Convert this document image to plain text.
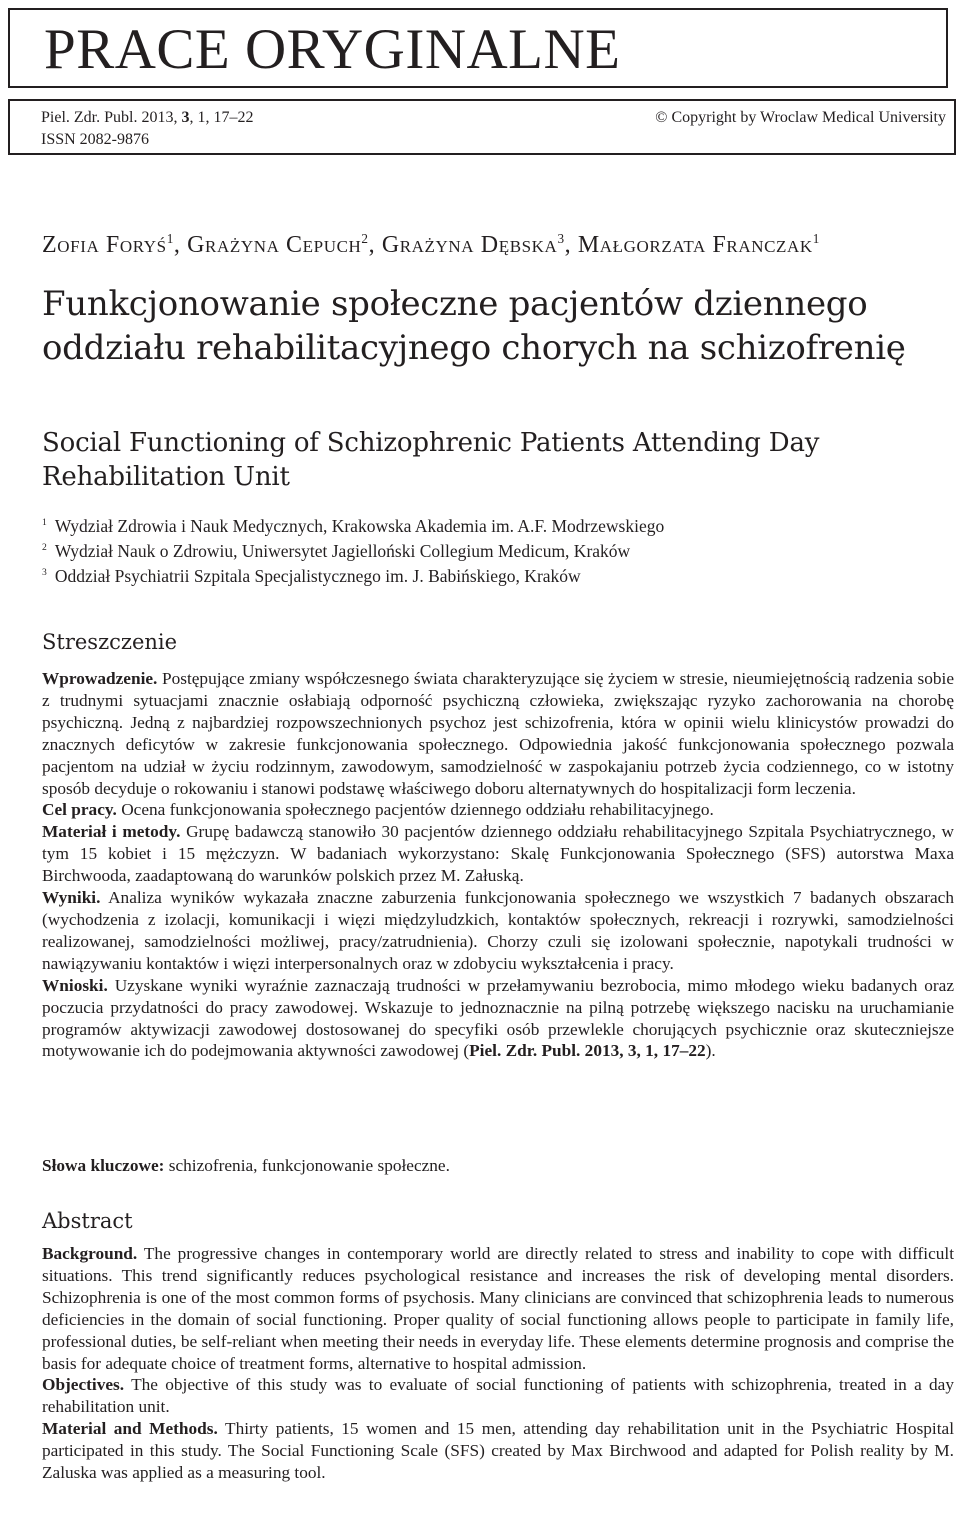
PRACE ORYGINALNE
Piel. Zdr. Publ. 2013, 3, 1, 17–22
ISSN 2082-9876
© Copyright by Wroclaw Medical University
Zofia Foryś$^1$, Grażyna Cepuch$^2$, Grażyna Dębska$^3$, Małgorzata Franczak$^1$
Funkcjonowanie społeczne pacjentów dziennego oddziału rehabilitacyjnego chorych na schizofrenię
Social Functioning of Schizophrenic Patients Attending Day Rehabilitation Unit
$^1$ Wydział Zdrowia i Nauk Medycznych, Krakowska Akademia im. A.F. Modrzewskiego
$^2$ Wydział Nauk o Zdrowiu, Uniwersytet Jagielloński Collegium Medicum, Kraków
$^3$ Oddział Psychiatrii Szpitala Specjalistycznego im. J. Babińskiego, Kraków
Streszczenie

Wprowadzenie. Postępujące zmiany współczesnego świata charakteryzujące się życiem w stresie, nieumiejętnością radzenia sobie z trudnymi sytuacjami znacznie osłabiają odporność psychiczną człowieka, zwiększając ryzyko zachorowania na chorobę psychiczną. Jedną z najbardziej rozpowszechnionych psychoz jest schizofrenia, która w opinii wielu klinicystów prowadzi do znacznych deficytów w zakresie funkcjonowania społecznego. Odpowiednia jakość funkcjonowania społecznego pozwala pacjentom na udział w życiu rodzinnym, zawodowym, samodzielność w zaspokajaniu potrzeb życia codziennego, co w istotny sposób decyduje o rokowaniu i stanowi podstawę właściwego doboru alternatywnych do hospitalizacji form leczenia.

Cel pracy. Ocena funkcjonowania społecznego pacjentów dziennego oddziału rehabilitacyjnego.

Materiał i metody. Grupę badawczą stanowiło 30 pacjentów dziennego oddziału rehabilitacyjnego Szpitala Psychiatrycznego, w tym 15 kobiet i 15 mężczyzn. W badaniach wykorzystano: Skalę Funkcjonowania Społecznego (SFS) autorstwa Maxa Birchwooda, zaadaptowaną do warunków polskich przez M. Załuską.

Wyniki. Analiza wyników wykazała znaczne zaburzenia funkcjonowania społecznego we wszystkich 7 badanych obszarach (wychodzenia z izolacji, komunikacji i więzi międzyludzkich, kontaktów społecznych, rekreacji i rozrywki, samodzielności realizowanej, samodzielności możliwej, pracy/zatrudnienia). Chorzy czuli się izolowani społecznie, napotykali trudności w nawiązywaniu kontaktów i więzi interpersonalnych oraz w zdobyciu wykształcenia i pracy.

Wnioski. Uzyskane wyniki wyraźnie zaznaczają trudności w przełamywaniu bezrobocia, mimo młodego wieku badanych oraz poczucia przydatności do pracy zawodowej. Wskazuje to jednoznacznie na pilną potrzebę większego nacisku na uruchamianie programów aktywizacji zawodowej dostosowanej do specyfiki osób przewlekle chorujących psychicznie oraz skuteczniejsze motywowanie ich do podejmowania aktywności zawodowej (Piel. Zdr. Publ. 2013, 3, 1, 17–22).

Słowa kluczowe: schizofrenia, funkcjonowanie społeczne.
Abstract

Background. The progressive changes in contemporary world are directly related to stress and inability to cope with difficult situations. This trend significantly reduces psychological resistance and increases the risk of developing mental disorders. Schizophrenia is one of the most common forms of psychosis. Many clinicians are convinced that schizophrenia leads to numerous deficiencies in the domain of social functioning. Proper quality of social functioning allows people to participate in family life, professional duties, be self-reliant when meeting their needs in everyday life. These elements determine prognosis and comprise the basis for adequate choice of treatment forms, alternative to hospital admission.

Objectives. The objective of this study was to evaluate of social functioning of patients with schizophrenia, treated in a day rehabilitation unit.

Material and Methods. Thirty patients, 15 women and 15 men, attending day rehabilitation unit in the Psychiatric Hospital participated in this study. The Social Functioning Scale (SFS) created by Max Birchwood and adapted for Polish reality by M. Zaluska was applied as a measuring tool.
